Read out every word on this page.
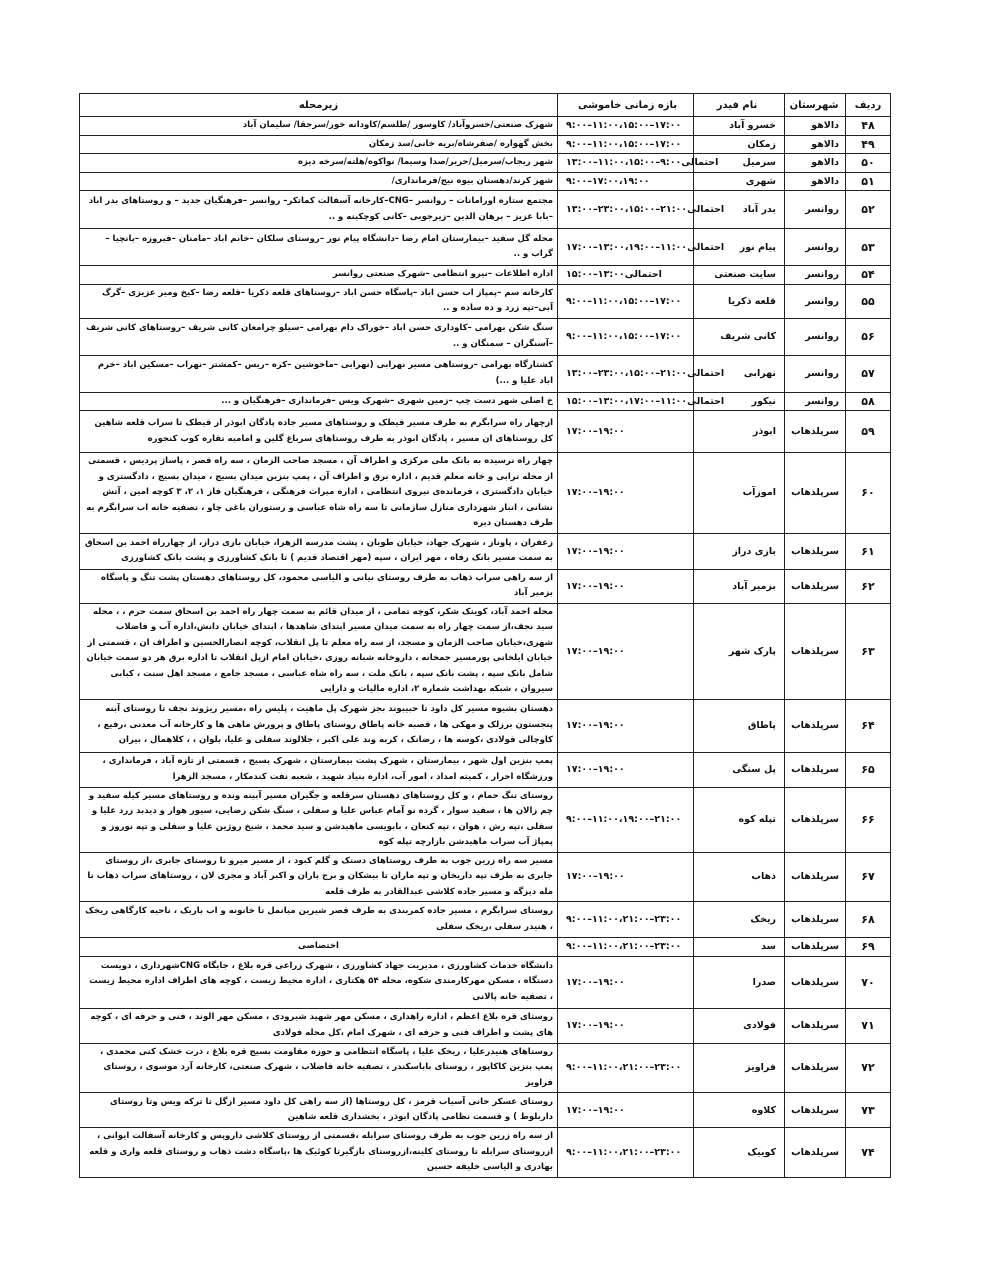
ردیف	شهرستان	نام فیدر	بازه زمانی خاموشی	زیرمحله
۴۸	دالاهو	خسرو آباد	۹:۰۰–۱۱:۰۰،۱۵:۰۰–۱۷:۰۰	شهرک صنعتی/خسروآباد/ کاوسور /طلسم/کاودانه خور/سرجقا/ سلیمان آباد
۴۹	دالاهو	زمکان	۹:۰۰–۱۱:۰۰،۱۵:۰۰–۱۷:۰۰	بخش گهواره /صفرشاه/بریه خانی/سد زمکان
۵۰	دالاهو	سرمیل	احتمالی۹:۰۰–۱۱:۰۰،۱۵:۰۰–۱۳:۰۰	شهر ریجاب/سرمیل/حریر/صدا وسیما/ نواکوه/هلته/سرخه دیزه
۵۱	دالاهو	شهری	۹:۰۰–۱۷:۰۰،۱۹:۰۰	شهر کرند/دهستان بیوه نیج/فرمانداری/
۵۲	روانسر	بدر آباد	احتمالی۲۱:۰۰–۲۳:۰۰،۱۵:۰۰–۱۳:۰۰	مجتمع ستاره اورامانات – روانسر –CNG–کارخانه آسفالت کماتکر– روانسر –فرهنگیان جدید – و روستاهای بدر اباد –بابا عزیز – برهان الدین –زیرجوبی –کانی کوچکینه و ..
۵۳	روانسر	پیام نور	احتمالی۱۱:۰۰–۱۳:۰۰،۱۹:۰۰–۱۷:۰۰	محله گل سفید –بیمارستان امام رضا –دانشگاه پیام نور –روستای سلکان –خانم اباد –مامنان –فیروزه –بانچیا –گراب و ..
۵۴	روانسر	سایت صنعتی	احتمالی۱۳:۰۰–۱۵:۰۰	اداره اطلاعات –نیرو انتظامی –شهرک صنعتی روانسر
۵۵	روانسر	قلعه ذکریا	۹:۰۰–۱۱:۰۰،۱۵:۰۰–۱۷:۰۰	کارخانه سم –پمپاز اب حسن اباد –پاسگاه حسن اباد –روستاهای قلعه ذکریا –قلعه رضا –کیخ ومیر عزیزی –گرگ آبی–تپه زرد و ده ساده و ..
۵۶	روانسر	کانی شریف	۹:۰۰–۱۱:۰۰،۱۵:۰۰–۱۷:۰۰	سنگ شکن بهرامی –کاوداری حسن اباد –خوراک دام بهرامی –سیلو چرامغان کانی شریف –روستاهای کانی شریف –آسنگران – سمنگان و ..
۵۷	روانسر	نهرابی	احتمالی۲۱:۰۰–۲۳:۰۰،۱۵:۰۰–۱۳:۰۰	کشتارگاه بهرامی –روستاهی مسیر نهرابی (نهرابی –ماخوشین –کره –ریس –کمشتر –نهراب –مسکین اباد –خرم اباد علیا و ...)
۵۸	روانسر	نیکور	احتمالی۱۱:۰۰–۱۳:۰۰،۱۷:۰۰–۱۵:۰۰	خ اصلی شهر دست چپ –زمین شهری –شهرک ویس –فرمانداری –فرهنگیان و ...
۵۹	سرپلذهاب	ابوذر	۱۷:۰۰–۱۹:۰۰	ازچهار راه سرابگرم به طرف مسیر قیطک و روستاهای مسیر جاده پادگان ابوذر از قیطک تا سراب قلعه شاهین کل روستاهای ان مسیر ، پادگان ابوذر به طرف روستاهای سرباغ گلین و امامیه تقاره کوب کنجوره
۶۰	سرپلذهاب	اموزآب	۱۷:۰۰–۱۹:۰۰	چهار راه نرسیده به بانک ملی مرکزی و اطراف آن ، مسجد صاحب الزمان ، سه راه قصر ، پاساژ پردیس ، قسمتی از محله ترابی و خانه معلم قدیم ، اداره برق و اطراف آن ، پمپ بنزین میدان بسیج ، میدان بسیج ، دادگستری و خیابان دادگستری ، فرمانده‌ی نیروی انتظامی ، اداره میراث فرهنگی ، فرهنگیان فاز ۱، ۲، ۳ کوچه امین ، آتش نشانی ، انبار شهرداری منازل سازمانی تا سه راه شاه عباسی و رستوران باغی چاو ، تصفیه خانه اب سرابگرم به طرف دهستان دیره
۶۱	سرپلذهاب	بازی دراز	۱۷:۰۰–۱۹:۰۰	زعفران ، پاوناز ، شهرک جهاد، خیابان طوبان ، پشت مدرسه الزهرا، خیابان بازی دراز، از چهارراه احمد بن اسحاق به سمت مسیر بانک رفاه ، مهر ایران ، سپه (مهر اقتصاد قدیم ) تا بانک کشاورزی و پشت بانک کشاورزی
۶۲	سرپلذهاب	بزمیر آباد	۱۷:۰۰–۱۹:۰۰	از سه راهی سراب ذهاب به طرف روستای نیانی و الیاسی محمود، کل روستاهای دهستان پشت تنگ و پاسگاه بزمیر آباد
۶۳	سرپلذهاب	پارک شهر	۱۷:۰۰–۱۹:۰۰	محله احمد آباد، کوینک شکر، کوچه تمامی ، از میدان قائم به سمت چهار راه احمد بن اسحاق سمت حرم ، ، محله سید نجف،از سمت چهار راه به سمت میدان مسیر ابتدای شاهدها ، ابتدای خیابان دانش،اداره آب و فاضلاب شهری،خیابان صاحب الزمان و مسجد، از سه راه معلم تا پل انقلاب، کوچه انصارالحسین و اطراف ان ، قسمتی از خیابان ایلخانی پورمسیر جمخانه ، داروخانه شبانه روزی ،خیابان امام ازپل انقلاب تا اداره برق هر دو سمت خیابان شامل بانک سپه ، پشت بانک سپه ، بانک ملت ، سه راه شاه عباسی ، مسجد جامع ، مسجد اهل سنت ، کبابی سیروان ، شبکه بهداشت شماره ۲، اداره مالیات و دارایی
۶۴	سرپلذهاب	پاطاق	۱۷:۰۰–۱۹:۰۰	دهستان بشیوه مسیر کل داود تا حبیبوند بجز شهرک پل ماهیت ، پلیس راه ،مسیر ریژوند نجف تا روستای آبنه پنجستون برزلک و مهکی ها ، قصبه خانه پاطاق روستای پاطاق و پرورش ماهی ها و کارخانه آب معدنی ،رفیع ، کاوچالی فولادی ،کوسه ها ، رضانک ، کربه وند علی اکبر ، جلالوند سفلی و علیا، بلوان ، ، کلاهمال ، بیران
۶۵	سرپلذهاب	پل سنگی	۱۷:۰۰–۱۹:۰۰	پمپ بنزین اول شهر ، بیمارستان ، شهرک پشت بیمارستان ، شهرک بسیج ، قسمتی از تازه آباد ، فرمانداری ، ورزشگاه احرار ، کمیته امداد ، امور آب، اداره بنیاد شهید ، شعبه نفت کندمکار ، مسجد الزهرا
۶۶	سرپلذهاب	تپله کوه	۹:۰۰–۱۱:۰۰،۱۹:۰۰–۲۱:۰۰	روستای تنگ حمام ، و کل روستاهای دهستان سرقلعه و جگیران مسیر آبینه ونده و روستاهای مسیر کیله سفید و چم زالان ها ، سفید سوار ، گرده نو آمام عباس علیا و سفلی ، سنگ شکن رضایی، سیور هوار و دیدبد زرد علیا و سفلی ،تپه رش ، هوان ، تپه کنعان ، بابویسی ماهیدشن و سید محمد ، شیخ روژین علیا و سفلی و تپه نوروز و پمپاژ آب سراب ماهیدشن بازارچه تپله کوه
۶۷	سرپلذهاب	ذهاب	۱۷:۰۰–۱۹:۰۰	مسیر سه راه زرین جوب به طرف روستاهای دستک و گلم کبود ، از مسیر میرو تا روستای جابری ،از روستای جابری به طرف تپه داریخان و تپه ماران تا بیشکان و برج باران و اکبر آباد و مجری لان ، روستاهای سراب ذهاب تا مله دیزگه و مسیر جاده کلاشی عبدالقادر به طرف قلعه
۶۸	سرپلذهاب	ریخک	۹:۰۰–۱۱:۰۰،۲۱:۰۰–۲۳:۰۰	روستای سرابگرم ، مسیر جاده کمربندی به طرف قصر شیرین میانمل تا خانونه و اب باریک ، ناحیه کارگاهی ریخک ، هنیدر سفلی ،ریخک سفلی
۶۹	سرپلذهاب	سد	۹:۰۰–۱۱:۰۰،۲۱:۰۰–۲۳:۰۰	اختصاصی
۷۰	سرپلذهاب	صدرا	۱۷:۰۰–۱۹:۰۰	دانشگاه خدمات کشاورزی ، مدیریت جهاد کشاورزی ، شهرک زراعی قره بلاغ ، جایگاه CNGشهرداری ، دویست دستگاه ، مسکن مهرکارمندی شکوه، محله ۵۴ هکتاری ، اداره محیط زیست ، کوچه های اطراف اداره محیط زیست ، تصفیه خانه پالانی
۷۱	سرپلذهاب	فولادی	۱۷:۰۰–۱۹:۰۰	روستای قره بلاغ اعظم ، اداره راهداری ، مسکن مهر شهید شیرودی ، مسکن مهر الوند ، فنی و حرفه ای ، کوچه های پشت و اطراف فنی و حرفه ای ، شهرک امام ،کل محله فولادی
۷۲	سرپلذهاب	فراویز	۹:۰۰–۱۱:۰۰،۲۱:۰۰–۲۳:۰۰	روستاهای هنیدرعلیا ، ریخک علیا ، پاسگاه انتظامی و حوزه مقاومت بسیج قره بلاغ ، ذرت خشک کنی محمدی ، پمپ بنزین کاکاپور ، روستای باباسکندر ، تصفیه خانه فاضلاب ، شهرک صنعتی، کارخانه آرد موسوی ، روستای فراویز
۷۳	سرپلذهاب	کلاوه	۱۷:۰۰–۱۹:۰۰	روستای عسکر خانی آسیاب قرمز ، کل روستاها (از سه راهی کل داود مسیر ازگل تا ترکه ویس وتا روستای داربلوط ) و قسمت نظامی پادگان ابوذر ، بخشداری قلعه شاهین
۷۴	سرپلذهاب	کوییک	۹:۰۰–۱۱:۰۰،۲۱:۰۰–۲۳:۰۰	از سه راه زرین جوب به طرف روستای سرابله ،قسمتی از روستای کلاشی داروپس و کارخانه آسفالت ایوانی ، ازروستای سرابله تا روستای کلینه،ازروستای بازگیرتا کوئیک ها ،پاسگاه دشت ذهاب و روستای قلعه واری و قلعه بهادری و الیاسی خلیفه حسین
